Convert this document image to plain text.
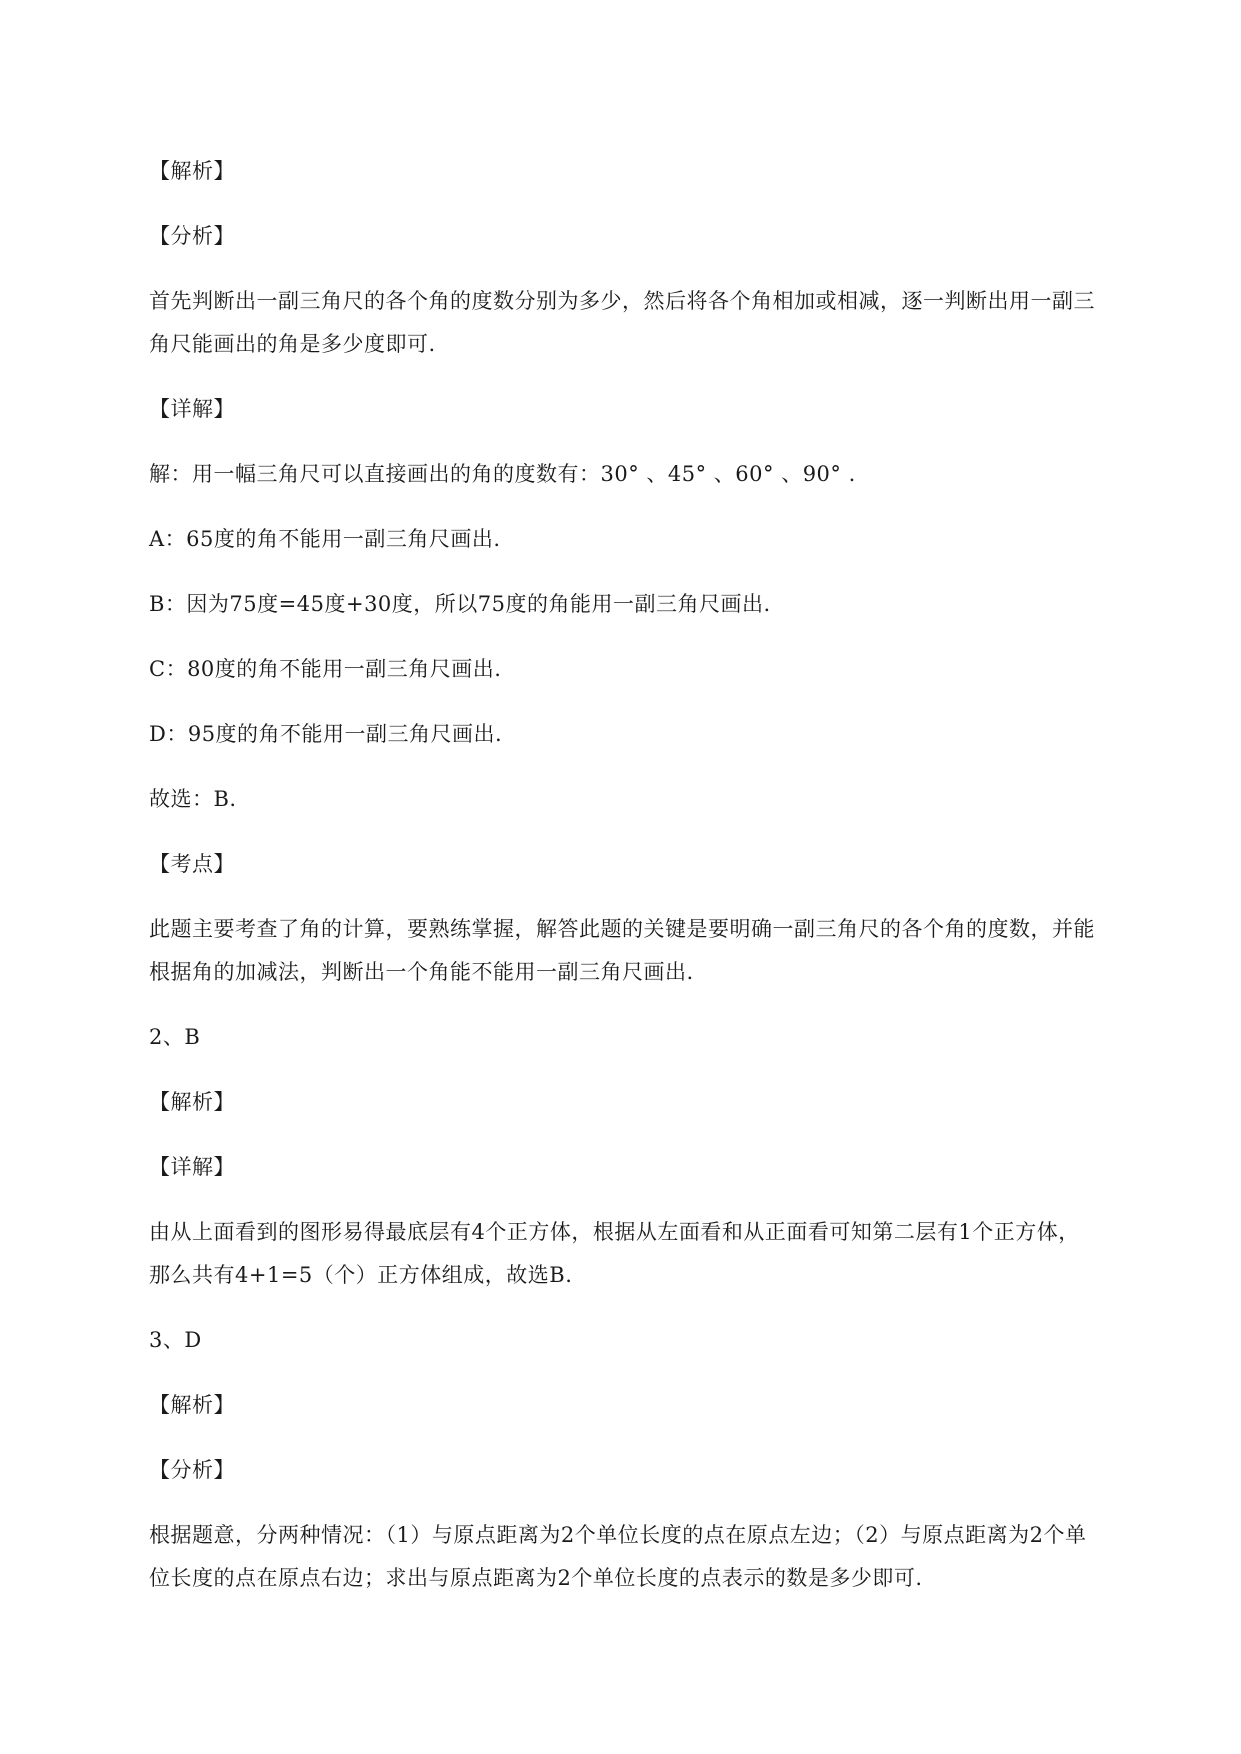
【解析】
【分析】
首先判断出一副三角尺的各个角的度数分别为多少，然后将各个角相加或相减，逐一判断出用一副三
角尺能画出的角是多少度即可.
【详解】
解：用一幅三角尺可以直接画出的角的度数有：30° 、45° 、60° 、90° .
A：65度的角不能用一副三角尺画出.
B：因为75度=45度+30度，所以75度的角能用一副三角尺画出.
C：80度的角不能用一副三角尺画出.
D：95度的角不能用一副三角尺画出.
故选：B.
【考点】
此题主要考查了角的计算，要熟练掌握，解答此题的关键是要明确一副三角尺的各个角的度数，并能
根据角的加减法，判断出一个角能不能用一副三角尺画出.
2、B
【解析】
【详解】
由从上面看到的图形易得最底层有4个正方体，根据从左面看和从正面看可知第二层有1个正方体，
那么共有4+1=5（个）正方体组成，故选B.
3、D
【解析】
【分析】
根据题意，分两种情况：（1）与原点距离为2个单位长度的点在原点左边；（2）与原点距离为2个单
位长度的点在原点右边；求出与原点距离为2个单位长度的点表示的数是多少即可.
